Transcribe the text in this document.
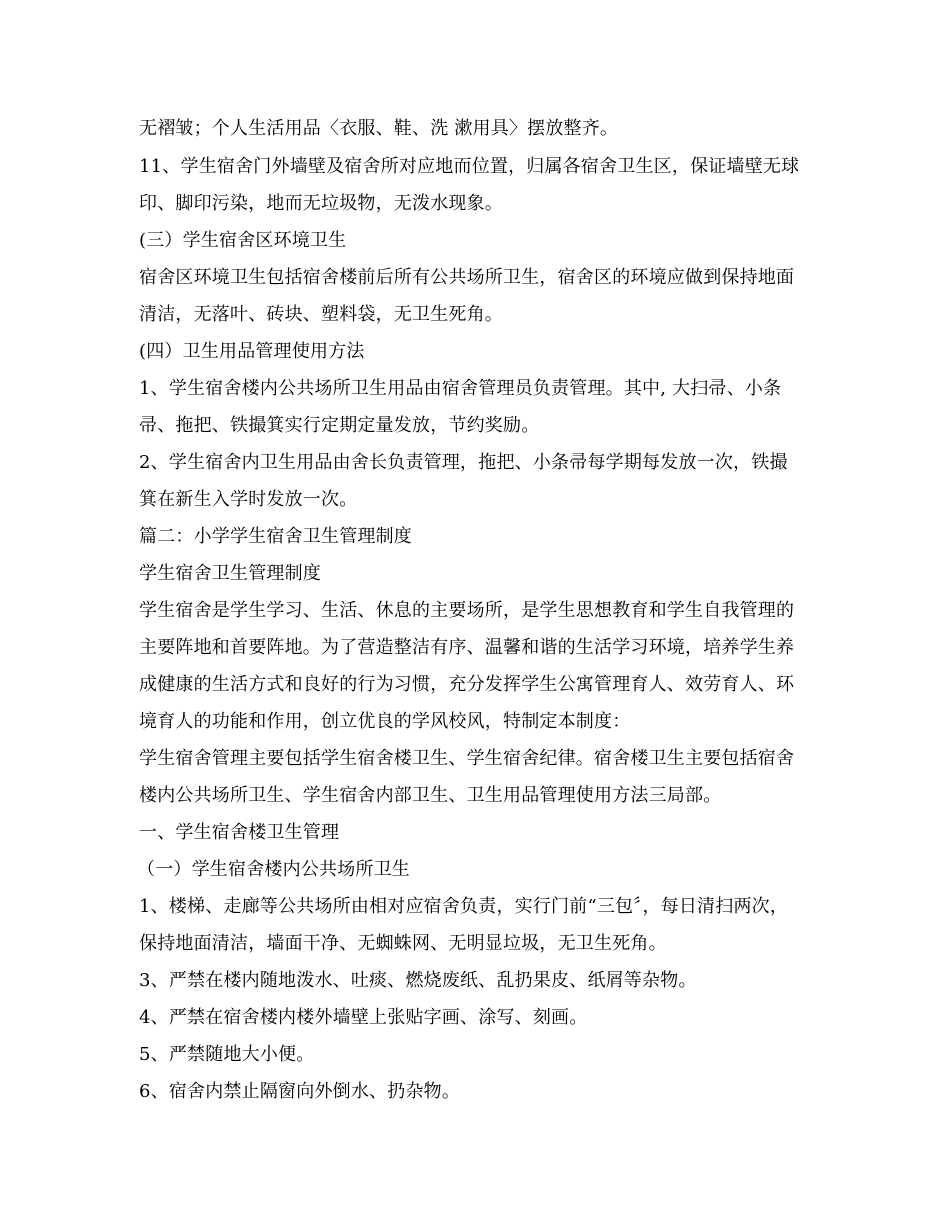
无褶皱；个人生活用品〈衣服、鞋、洗 漱用具〉摆放整齐。
11、学生宿舍门外墙壁及宿舍所对应地而位置，归属各宿舍卫生区，保证墙壁无球
印、脚印污染，地而无垃圾物，无泼水现象。
(三）学生宿舍区环境卫生
宿舍区环境卫生包括宿舍楼前后所有公共场所卫生，宿舍区的环境应做到保持地面
清洁，无落叶、砖块、塑料袋，无卫生死角。
(四）卫生用品管理使用方法
1、学生宿舍楼内公共场所卫生用品由宿舍管理员负责管理。其中, 大扫帚、小条
帚、拖把、铁撮箕实行定期定量发放，节约奖励。
2、学生宿舍内卫生用品由舍长负责管理，拖把、小条帚每学期每发放一次，铁撮
箕在新生入学时发放一次。
篇二：小学学生宿舍卫生管理制度
学生宿舍卫生管理制度
学生宿舍是学生学习、生活、休息的主要场所，是学生思想教育和学生自我管理的
主要阵地和首要阵地。为了营造整洁有序、温馨和谐的生活学习环境，培养学生养
成健康的生活方式和良好的行为习惯，充分发挥学生公寓管理育人、效劳育人、环
境育人的功能和作用，创立优良的学风校风，特制定本制度：
学生宿舍管理主要包括学生宿舍楼卫生、学生宿舍纪律。宿舍楼卫生主要包括宿舍
楼内公共场所卫生、学生宿舍内部卫生、卫生用品管理使用方法三局部。
一、学生宿舍楼卫生管理
（一）学生宿舍楼内公共场所卫生
1、楼梯、走廊等公共场所由相对应宿舍负责，实行门前“三包〞，每日清扫两次，
保持地面清洁，墙面干净、无蜘蛛网、无明显垃圾，无卫生死角。
3、严禁在楼内随地泼水、吐痰、燃烧废纸、乱扔果皮、纸屑等杂物。
4、严禁在宿舍楼内楼外墙壁上张贴字画、涂写、刻画。
5、严禁随地大小便。
6、宿舍内禁止隔窗向外倒水、扔杂物。
